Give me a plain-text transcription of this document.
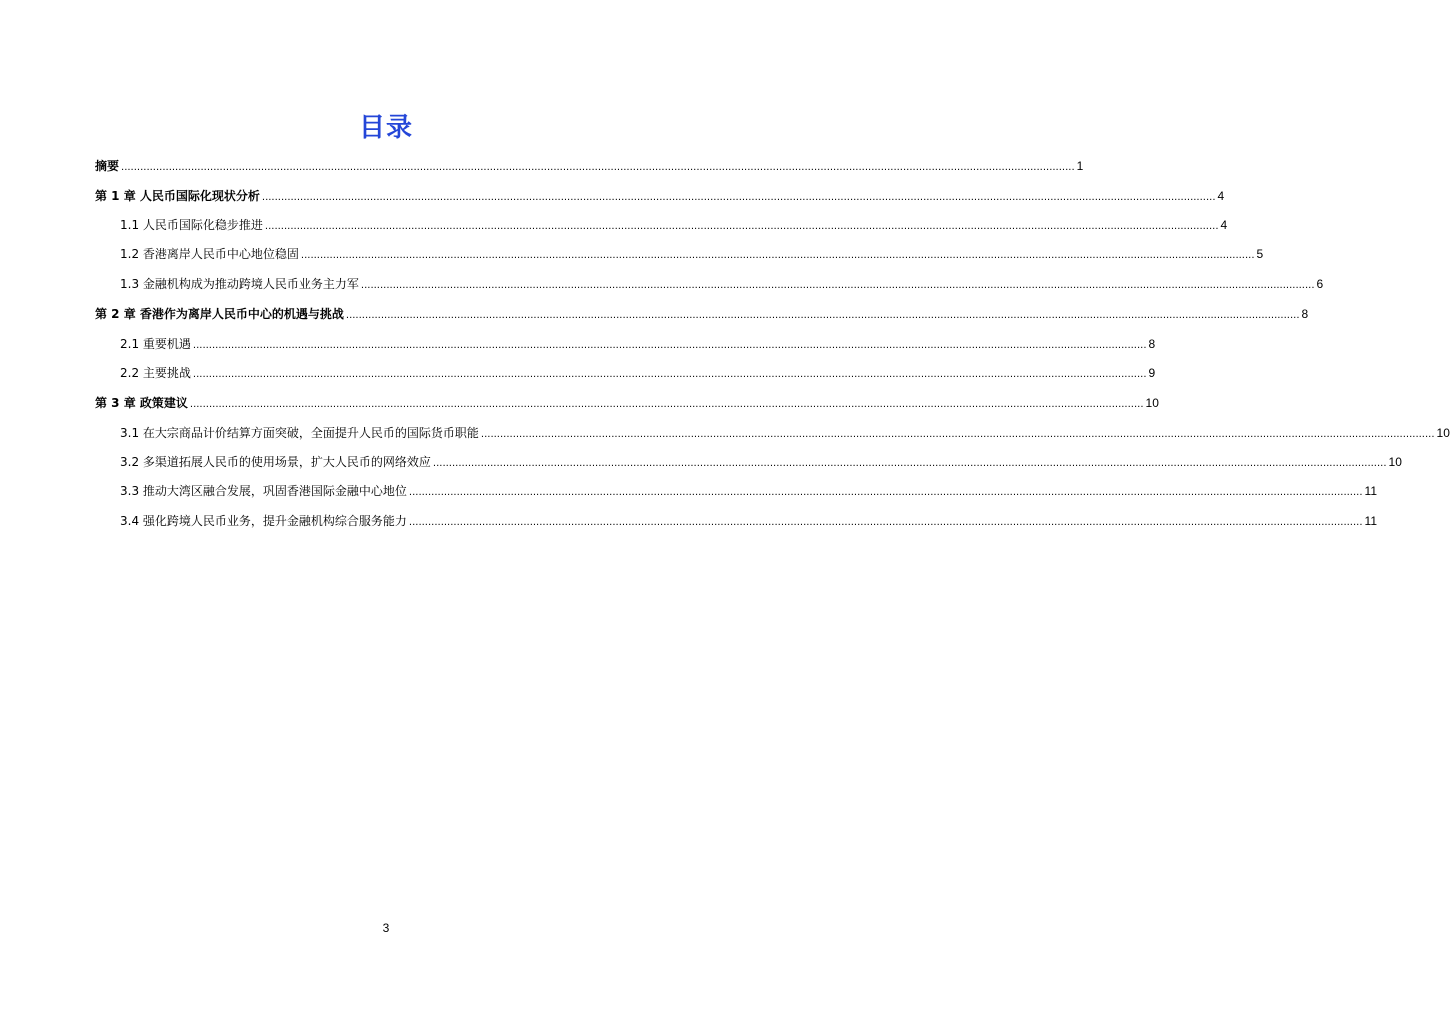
目录
摘要 ............................................................................................................................................................................................................................................................................................................ 1
第 1 章 人民币国际化现状分析 ............................................................................................................................................................................................................................................................................................................ 4
1.1 人民币国际化稳步推进 ............................................................................................................................................................................................................................................................................................................ 4
1.2 香港离岸人民币中心地位稳固 ............................................................................................................................................................................................................................................................................................................ 5
1.3 金融机构成为推动跨境人民币业务主力军 ............................................................................................................................................................................................................................................................................................................ 6
第 2 章 香港作为离岸人民币中心的机遇与挑战 ............................................................................................................................................................................................................................................................................................................ 8
2.1 重要机遇 ............................................................................................................................................................................................................................................................................................................ 8
2.2 主要挑战 ............................................................................................................................................................................................................................................................................................................ 9
第 3 章 政策建议 ............................................................................................................................................................................................................................................................................................................ 10
3.1 在大宗商品计价结算方面突破，全面提升人民币的国际货币职能 ............................................................................................................................................................................................................................................................................................................ 10
3.2 多渠道拓展人民币的使用场景，扩大人民币的网络效应 ............................................................................................................................................................................................................................................................................................................ 10
3.3 推动大湾区融合发展，巩固香港国际金融中心地位 ............................................................................................................................................................................................................................................................................................................ 11
3.4 强化跨境人民币业务，提升金融机构综合服务能力 ............................................................................................................................................................................................................................................................................................................ 11
3
